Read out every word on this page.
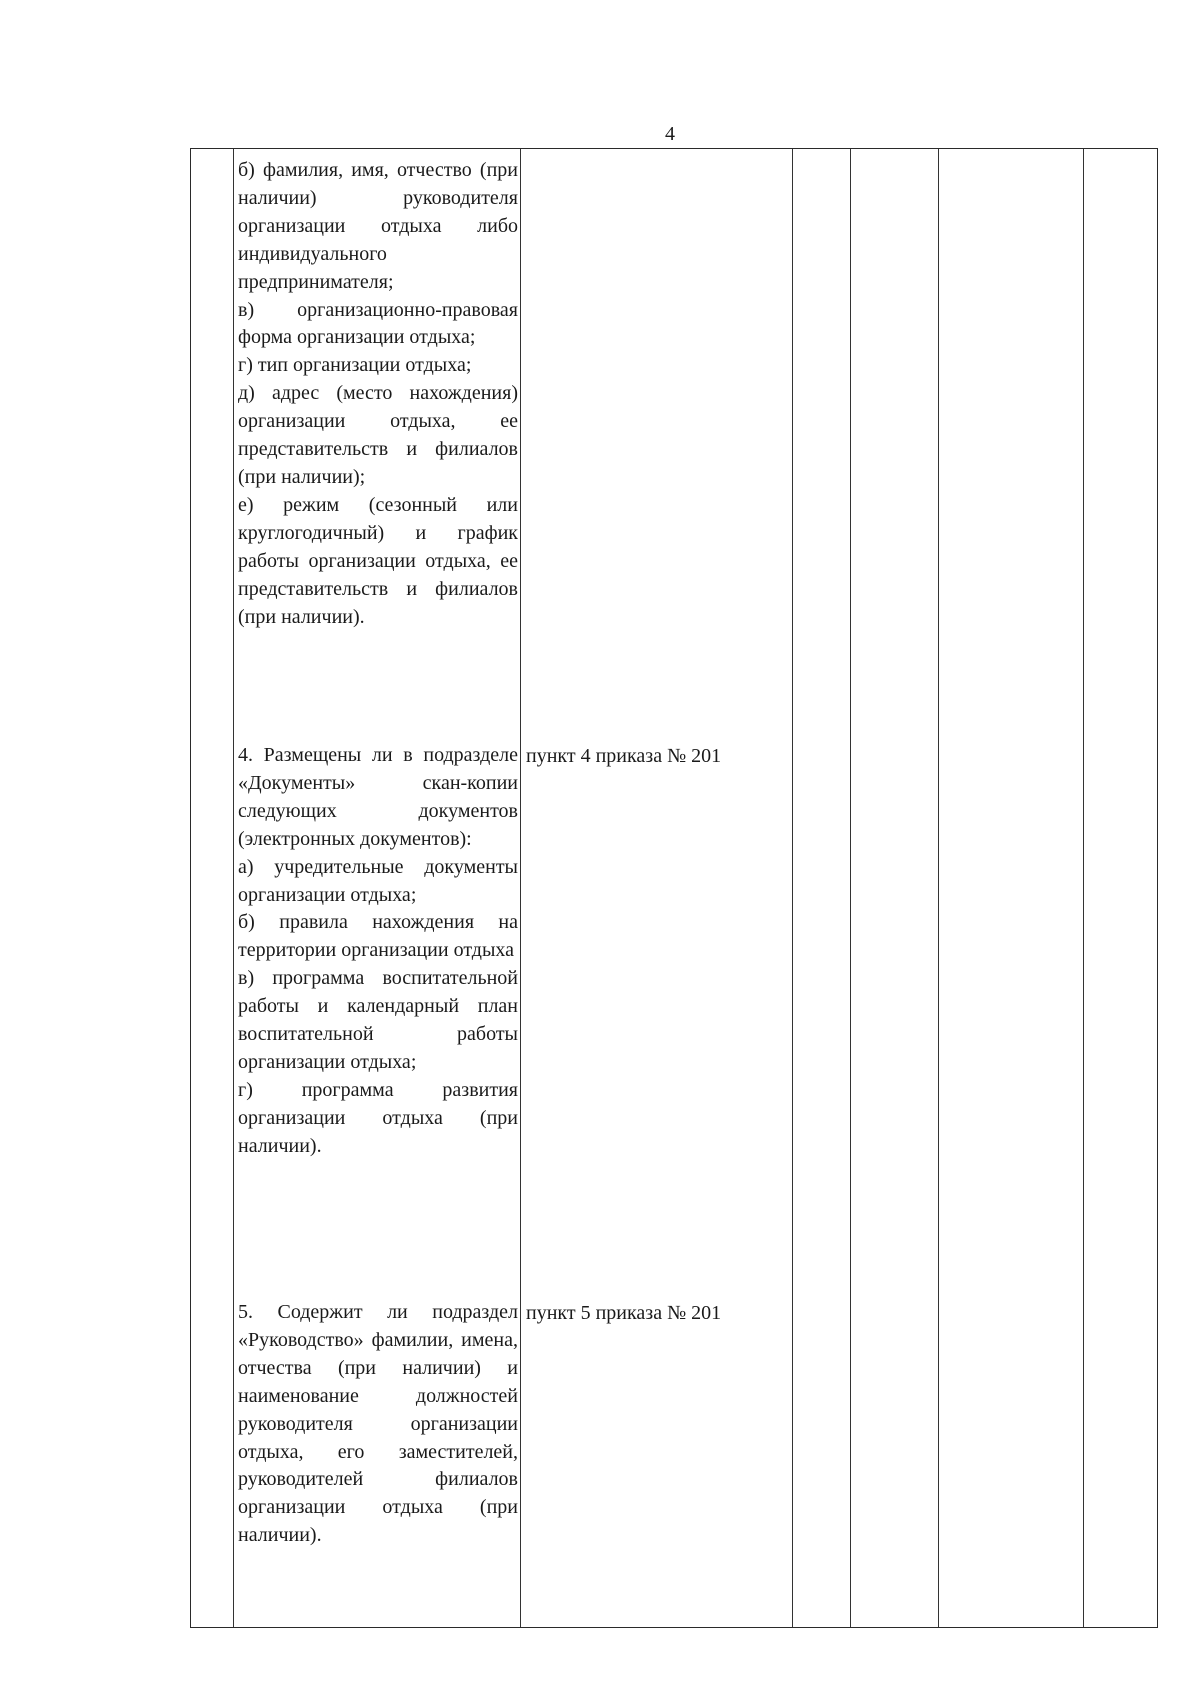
4

б) фамилия, имя, отчество (при наличии) руководителя организации отдыха либо индивидуального предпринимателя;

в) организационно-правовая форма организации отдыха;

г) тип организации отдыха;

д) адрес (место нахождения) организации отдыха, ее представительств и филиалов (при наличии);

е) режим (сезонный или круглогодичный) и график работы организации отдыха, ее представительств и филиалов (при наличии).

4. Размещены ли в подразделе «Документы» скан-копии следующих документов (электронных документов):

а) учредительные документы организации отдыха;

б) правила нахождения на территории организации отдыха

в) программа воспитательной работы и календарный план воспитательной работы организации отдыха;

г) программа развития организации отдыха (при наличии).

пункт 4 приказа № 201

5. Содержит ли подраздел «Руководство» фамилии, имена, отчества (при наличии) и наименование должностей руководителя организации отдыха, его заместителей, руководителей филиалов организации отдыха (при наличии).

пункт 5 приказа № 201
